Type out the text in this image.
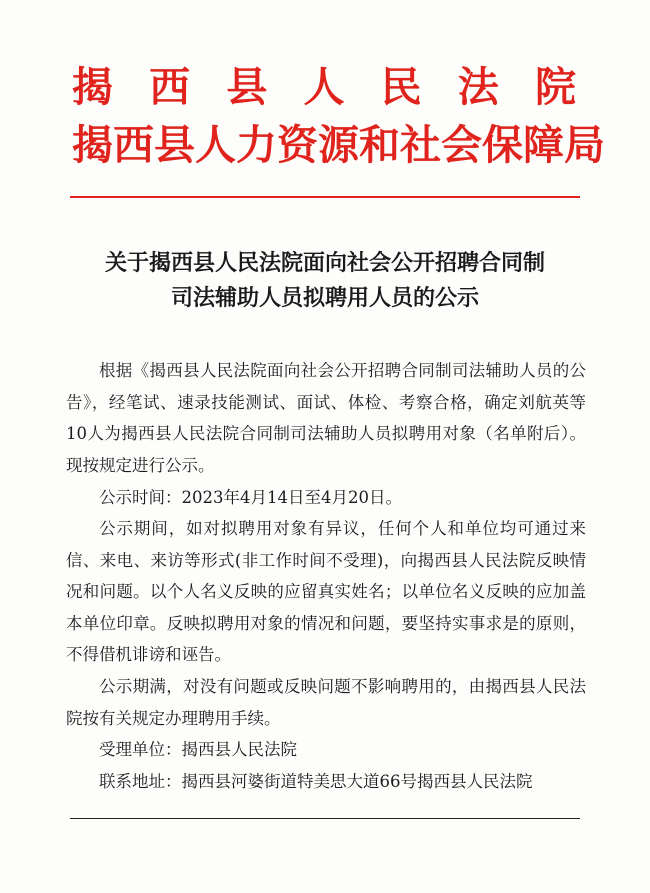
揭 西 县 人 民 法 院
揭 西 县 人 力 资 源 和 社 会 保 障 局
关于揭西县人民法院面向社会公开招聘合同制
司法辅助人员拟聘用人员的公示

根据《揭西县人民法院面向社会公开招聘合同制司法辅助人员的公告》，经笔试、速录技能测试、面试、体检、考察合格，确定刘航英等10人为揭西县人民法院合同制司法辅助人员拟聘用对象（名单附后）。现按规定进行公示。

公示时间：2023年4月14日至4月20日。

公示期间，如对拟聘用对象有异议，任何个人和单位均可通过来信、来电、来访等形式(非工作时间不受理)，向揭西县人民法院反映情况和问题。以个人名义反映的应留真实姓名；以单位名义反映的应加盖本单位印章。反映拟聘用对象的情况和问题，要坚持实事求是的原则，不得借机诽谤和诬告。

公示期满，对没有问题或反映问题不影响聘用的，由揭西县人民法院按有关规定办理聘用手续。

受理单位：揭西县人民法院

联系地址：揭西县河婆街道特美思大道66号揭西县人民法院
